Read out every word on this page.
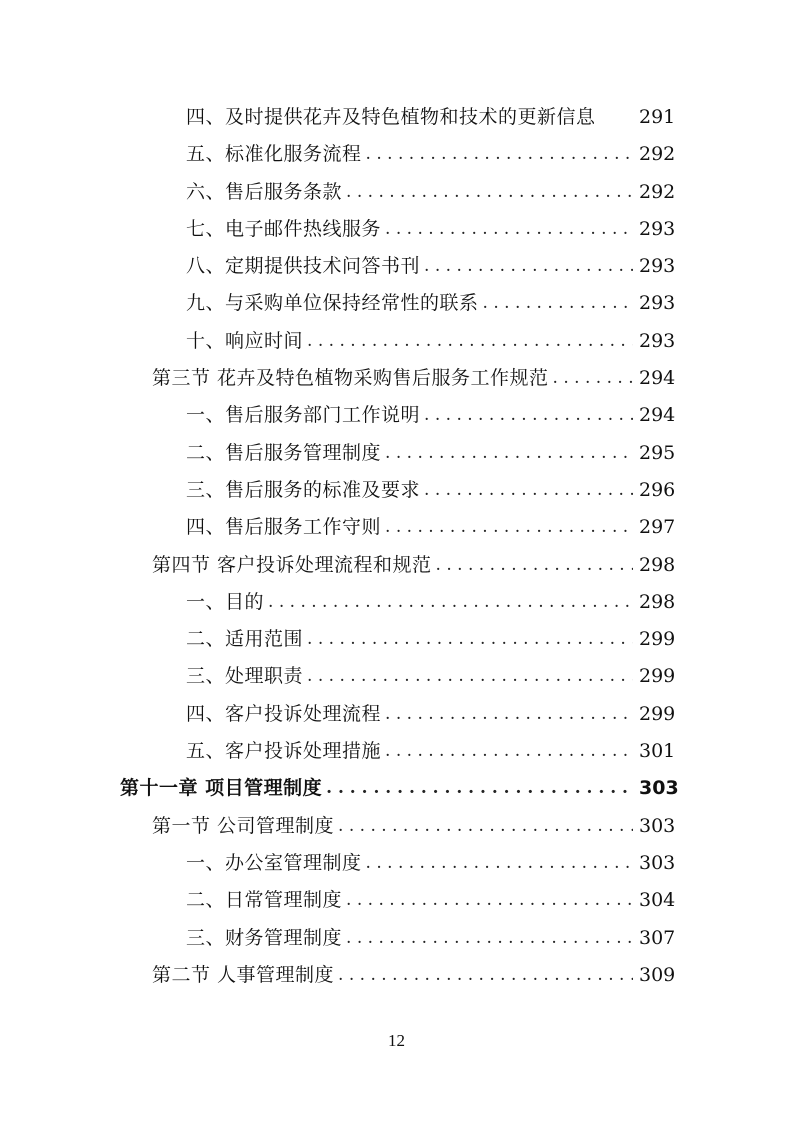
四、及时提供花卉及特色植物和技术的更新信息 291
五、标准化服务流程 . . .	292
六、售后服务条款 . . .	292
七、电子邮件热线服务 . . .	293
八、定期提供技术问答书刊 . . .	293
九、与采购单位保持经常性的联系 . . .	293
十、响应时间 . . .	293
第三节 花卉及特色植物采购售后服务工作规范 . . .	294
一、售后服务部门工作说明 . . .	294
二、售后服务管理制度 . . .	295
三、售后服务的标准及要求 . . .	296
四、售后服务工作守则 . . .	297
第四节 客户投诉处理流程和规范 . . .	298
一、目的 . . .	298
二、适用范围 . . .	299
三、处理职责 . . .	299
四、客户投诉处理流程 . . .	299
五、客户投诉处理措施 . . .	301
第十一章 项目管理制度 . . .	303
第一节 公司管理制度 . . .	303
一、办公室管理制度 . . .	303
二、日常管理制度 . . .	304
三、财务管理制度 . . .	307
第二节 人事管理制度 . . .	309
12
